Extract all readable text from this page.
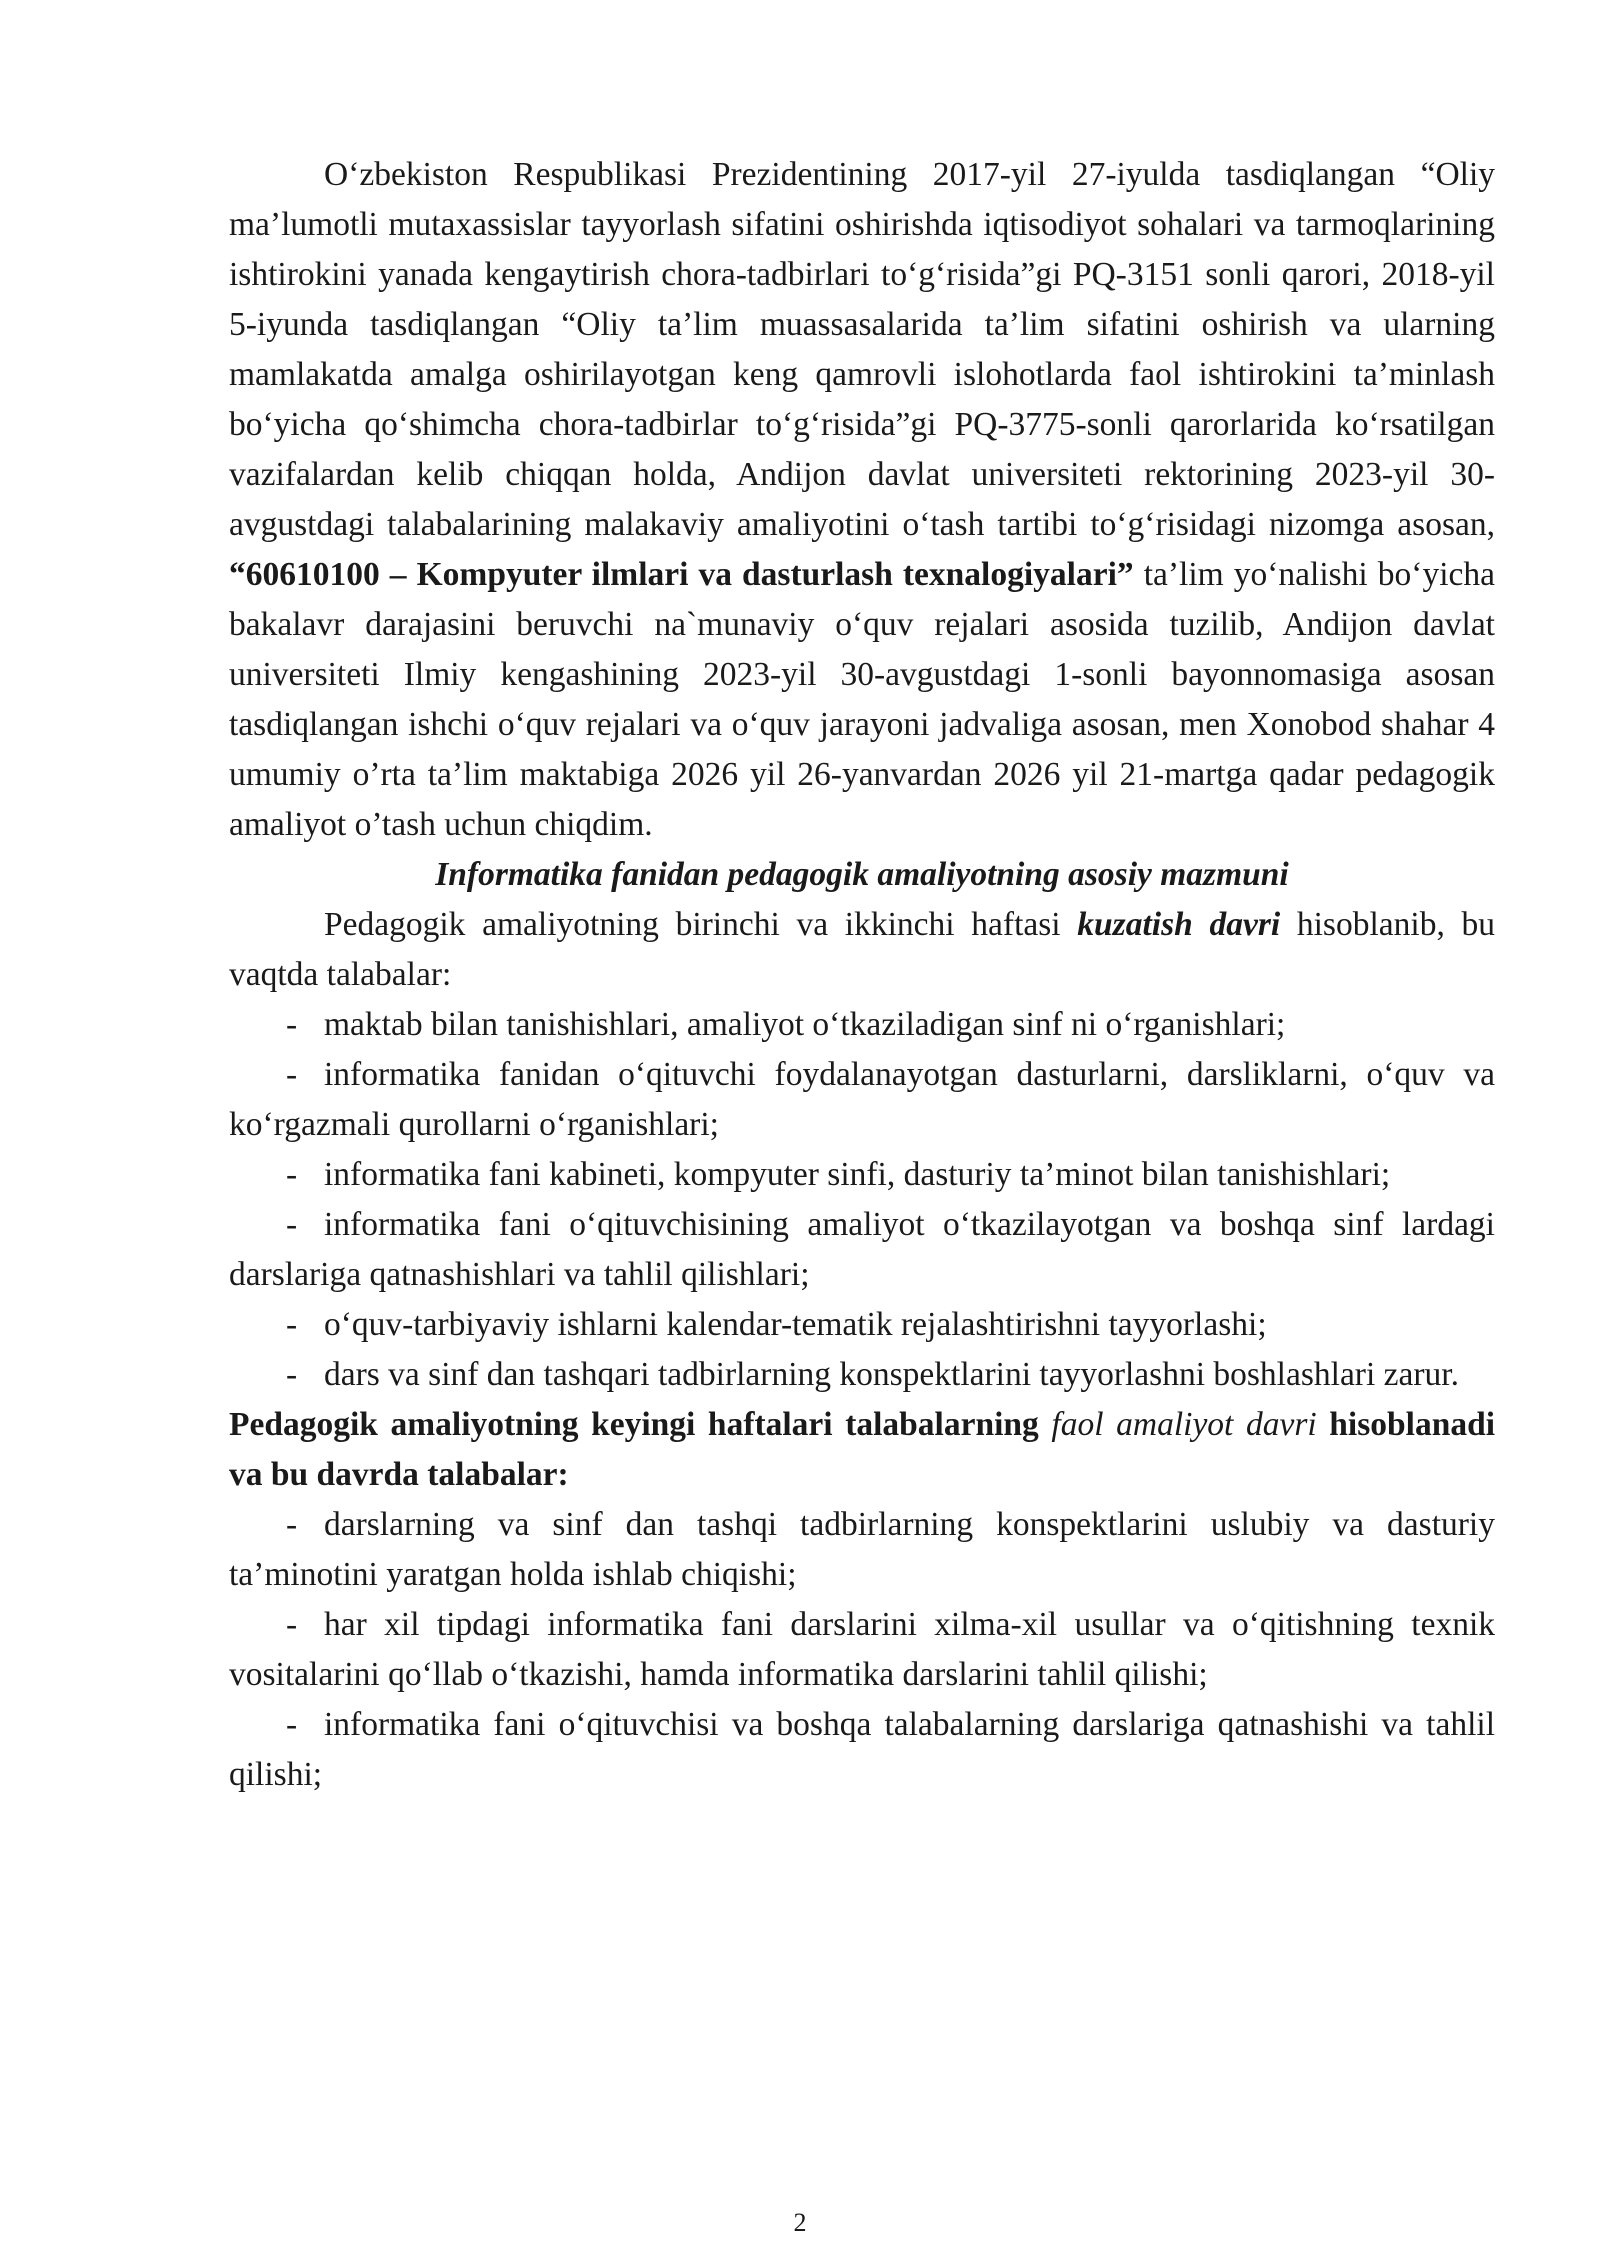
O‘zbekiston Respublikasi Prezidentining 2017-yil 27-iyulda tasdiqlangan “Oliy ma’lumotli mutaxassislar tayyorlash sifatini oshirishda iqtisodiyot sohalari va tarmoqlarining ishtirokini yanada kengaytirish chora-tadbirlari to‘g‘risida”gi PQ-3151 sonli qarori, 2018-yil 5-iyunda tasdiqlangan “Oliy ta’lim muassasalarida ta’lim sifatini oshirish va ularning mamlakatda amalga oshirilayotgan keng qamrovli islohotlarda faol ishtirokini ta’minlash bo‘yicha qo‘shimcha chora-tadbirlar to‘g‘risida”gi PQ-3775-sonli qarorlarida ko‘rsatilgan vazifalardan kelib chiqqan holda, Andijon davlat universiteti rektorining 2023-yil 30-avgustdagi talabalarining malakaviy amaliyotini o‘tash tartibi to‘g‘risidagi nizomga asosan, “60610100 – Kompyuter ilmlari va dasturlash texnalogiyalari” ta’lim yo‘nalishi bo‘yicha bakalavr darajasini beruvchi na`munaviy o‘quv rejalari asosida tuzilib, Andijon davlat universiteti Ilmiy kengashining 2023-yil 30-avgustdagi 1-sonli bayonnomasiga asosan tasdiqlangan ishchi o‘quv rejalari va o‘quv jarayoni jadvaliga asosan, men Xonobod shahar 4 umumiy o’rta ta’lim maktabiga 2026 yil 26-yanvardan 2026 yil 21-martga qadar pedagogik amaliyot o’tash uchun chiqdim.

Informatika fanidan pedagogik amaliyotning asosiy mazmuni

Pedagogik amaliyotning birinchi va ikkinchi haftasi kuzatish davri hisoblanib, bu vaqtda talabalar:

- maktab bilan tanishishlari, amaliyot o‘tkaziladigan sinf ni o‘rganishlari;

- informatika fanidan o‘qituvchi foydalanayotgan dasturlarni, darsliklarni, o‘quv va ko‘rgazmali qurollarni o‘rganishlari;

- informatika fani kabineti, kompyuter sinfi, dasturiy ta’minot bilan tanishishlari;

- informatika fani o‘qituvchisining amaliyot o‘tkazilayotgan va boshqa sinf lardagi darslariga qatnashishlari va tahlil qilishlari;

- o‘quv-tarbiyaviy ishlarni kalendar-tematik rejalashtirishni tayyorlashi;

- dars va sinf dan tashqari tadbirlarning konspektlarini tayyorlashni boshlashlari zarur.

Pedagogik amaliyotning keyingi haftalari talabalarning faol amaliyot davri hisoblanadi va bu davrda talabalar:

- darslarning va sinf dan tashqi tadbirlarning konspektlarini uslubiy va dasturiy ta’minotini yaratgan holda ishlab chiqishi;

- har xil tipdagi informatika fani darslarini xilma-xil usullar va o‘qitishning texnik vositalarini qo‘llab o‘tkazishi, hamda informatika darslarini tahlil qilishi;

- informatika fani o‘qituvchisi va boshqa talabalarning darslariga qatnashishi va tahlil qilishi;

2
